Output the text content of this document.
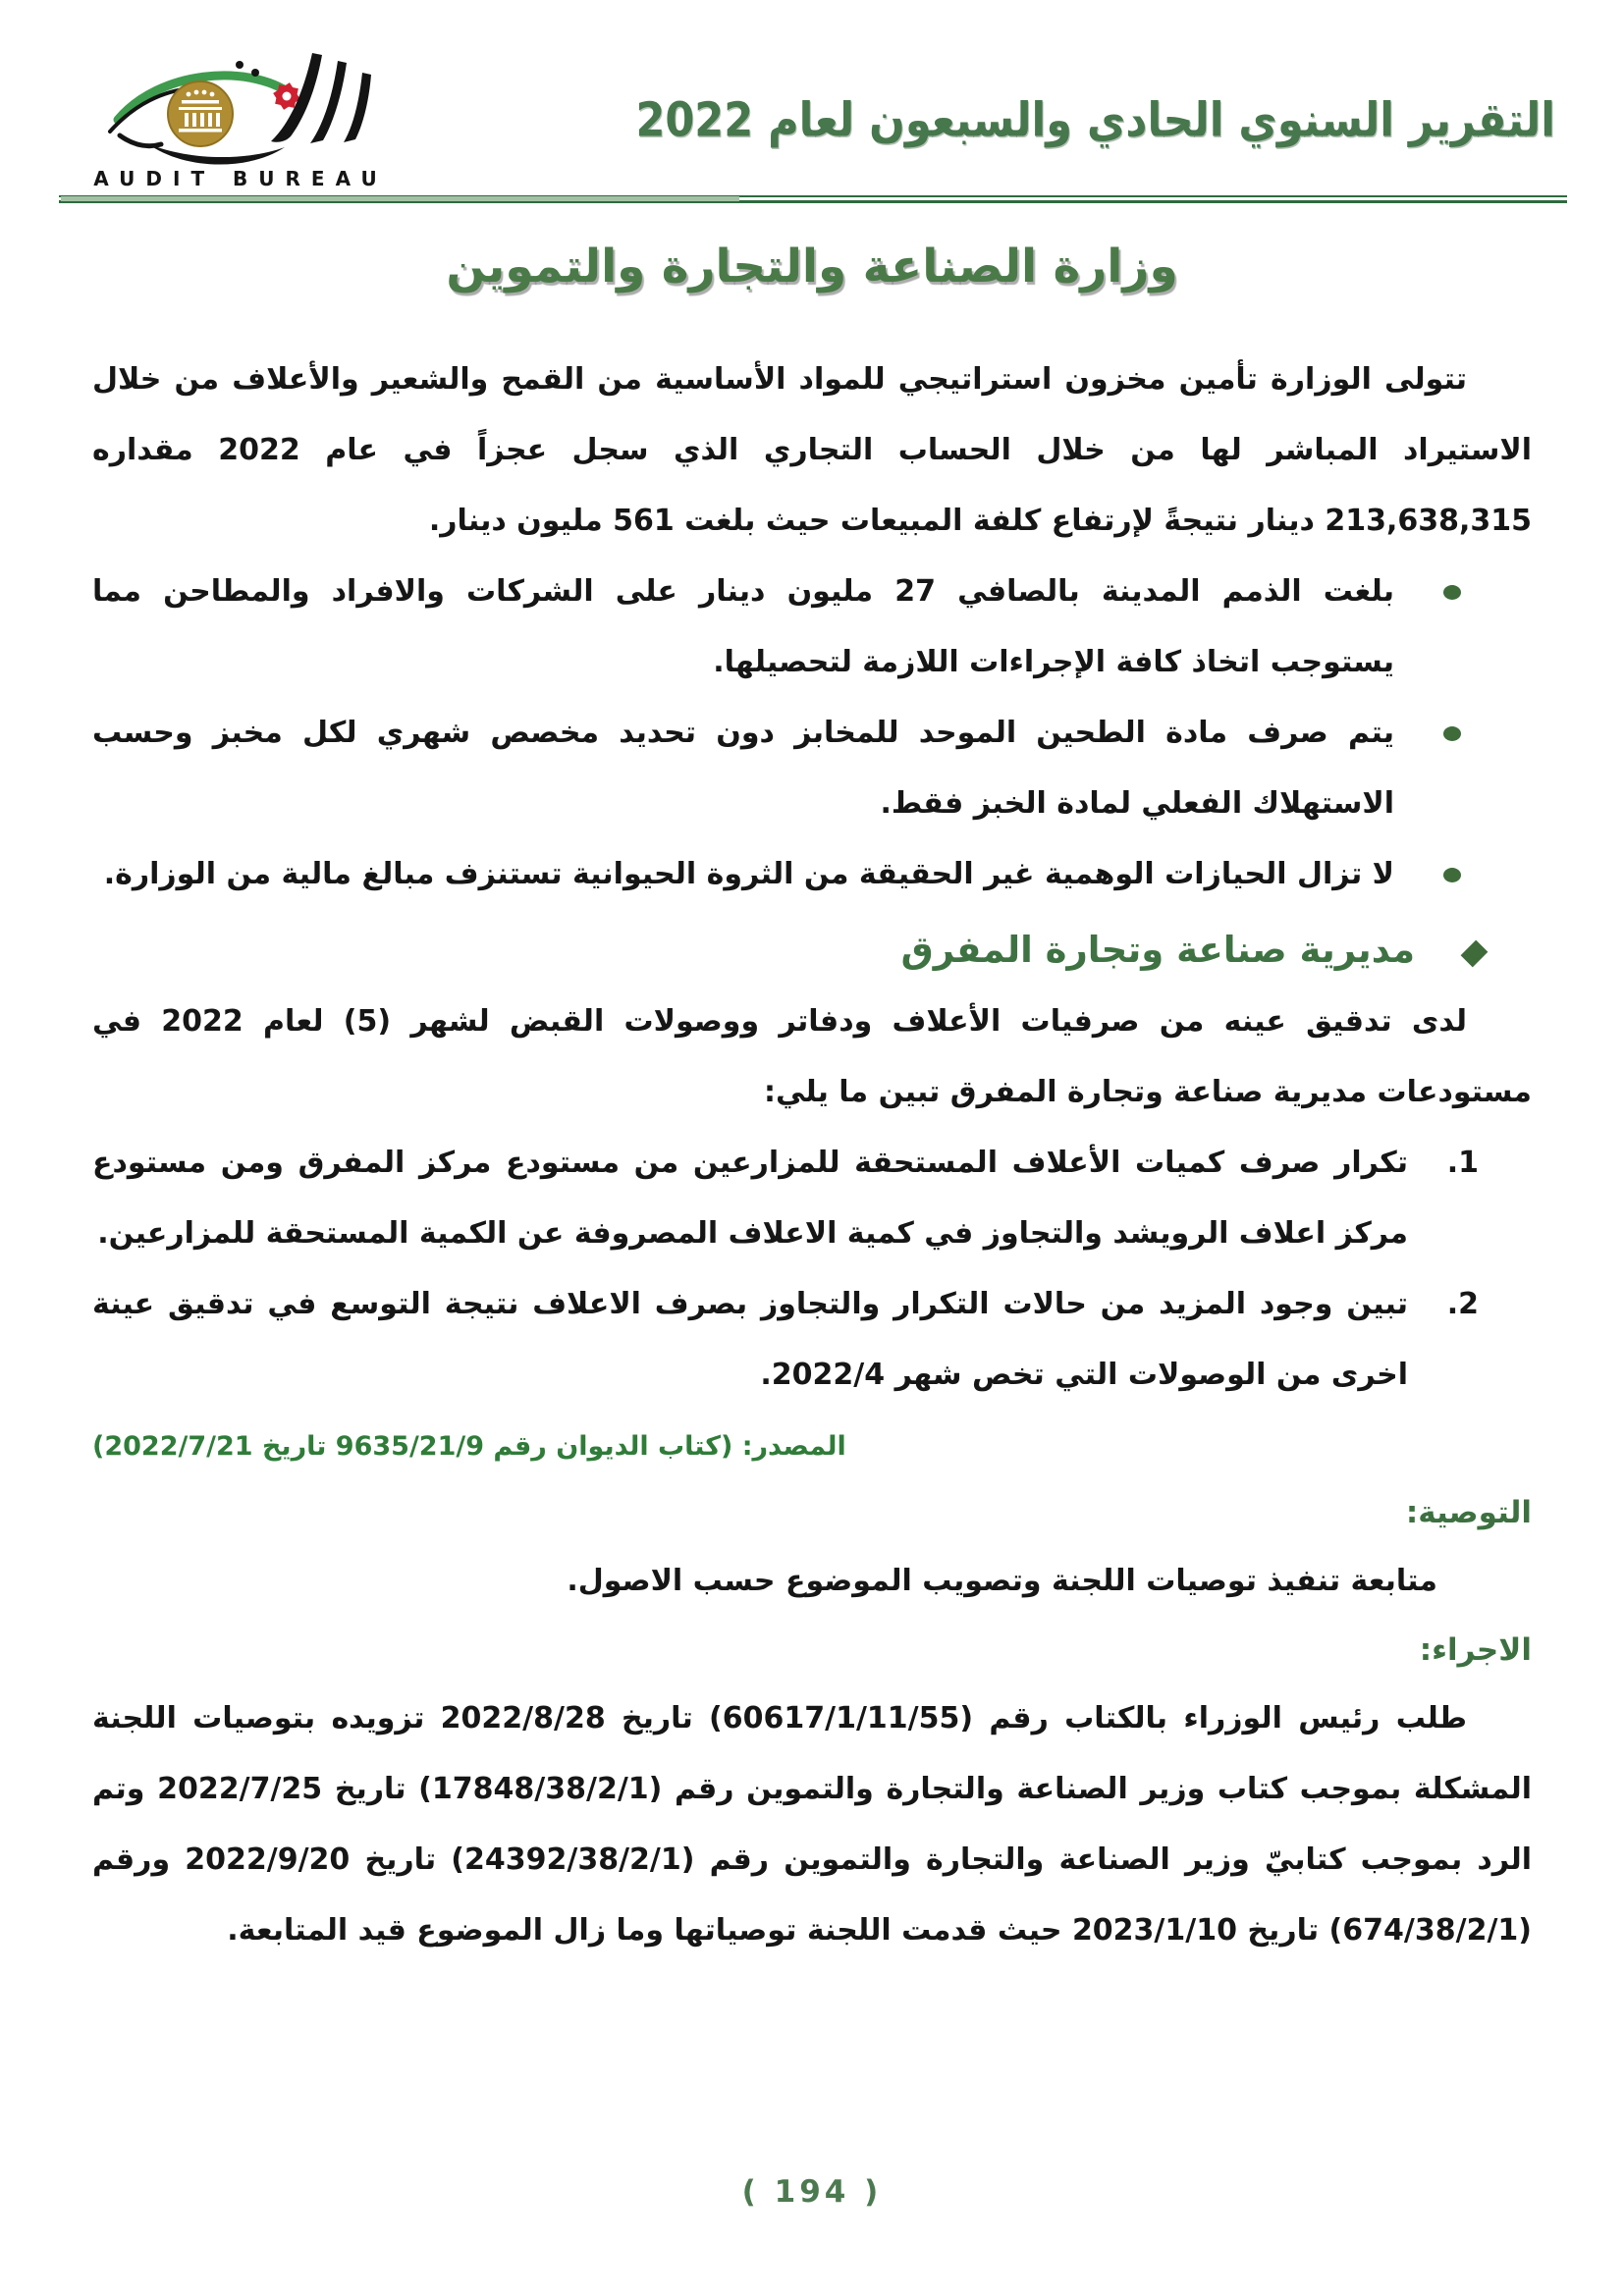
AUDIT BUREAU
التقرير السنوي الحادي والسبعون لعام 2022
وزارة الصناعة والتجارة والتموين

تتولى الوزارة تأمين مخزون استراتيجي للمواد الأساسية من القمح والشعير والأعلاف من خلال الاستيراد المباشر لها من خلال الحساب التجاري الذي سجل عجزاً في عام 2022 مقداره 213,638,315 دينار نتيجةً لإرتفاع كلفة المبيعات حيث بلغت 561 مليون دينار.

بلغت الذمم المدينة بالصافي 27 مليون دينار على الشركات والافراد والمطاحن مما يستوجب اتخاذ كافة الإجراءات اللازمة لتحصيلها.
يتم صرف مادة الطحين الموحد للمخابز دون تحديد مخصص شهري لكل مخبز وحسب الاستهلاك الفعلي لمادة الخبز فقط.
لا تزال الحيازات الوهمية غير الحقيقة من الثروة الحيوانية تستنزف مبالغ مالية من الوزارة.
مديرية صناعة وتجارة المفرق

لدى تدقيق عينه من صرفيات الأعلاف ودفاتر ووصولات القبض لشهر (5) لعام 2022 في مستودعات مديرية صناعة وتجارة المفرق تبين ما يلي:

1.
تكرار صرف كميات الأعلاف المستحقة للمزارعين من مستودع مركز المفرق ومن مستودع مركز اعلاف الرويشد والتجاوز في كمية الاعلاف المصروفة عن الكمية المستحقة للمزارعين.
2.
تبين وجود المزيد من حالات التكرار والتجاوز بصرف الاعلاف نتيجة التوسع في تدقيق عينة اخرى من الوصولات التي تخص شهر 2022/4.

المصدر: (كتاب الديوان رقم 9635/21/9 تاريخ 2022/7/21)

التوصية:

متابعة تنفيذ توصيات اللجنة وتصويب الموضوع حسب الاصول.

الاجراء:

طلب رئيس الوزراء بالكتاب رقم (60617/1/11/55) تاريخ 2022/8/28 تزويده بتوصيات اللجنة المشكلة بموجب كتاب وزير الصناعة والتجارة والتموين رقم (17848/38/2/1) تاريخ 2022/7/25 وتم الرد بموجب كتابيّ وزير الصناعة والتجارة والتموين رقم (24392/38/2/1) تاريخ 2022/9/20 ورقم (674/38/2/1) تاريخ 2023/1/10 حيث قدمت اللجنة توصياتها وما زال الموضوع قيد المتابعة.

( 194 )
